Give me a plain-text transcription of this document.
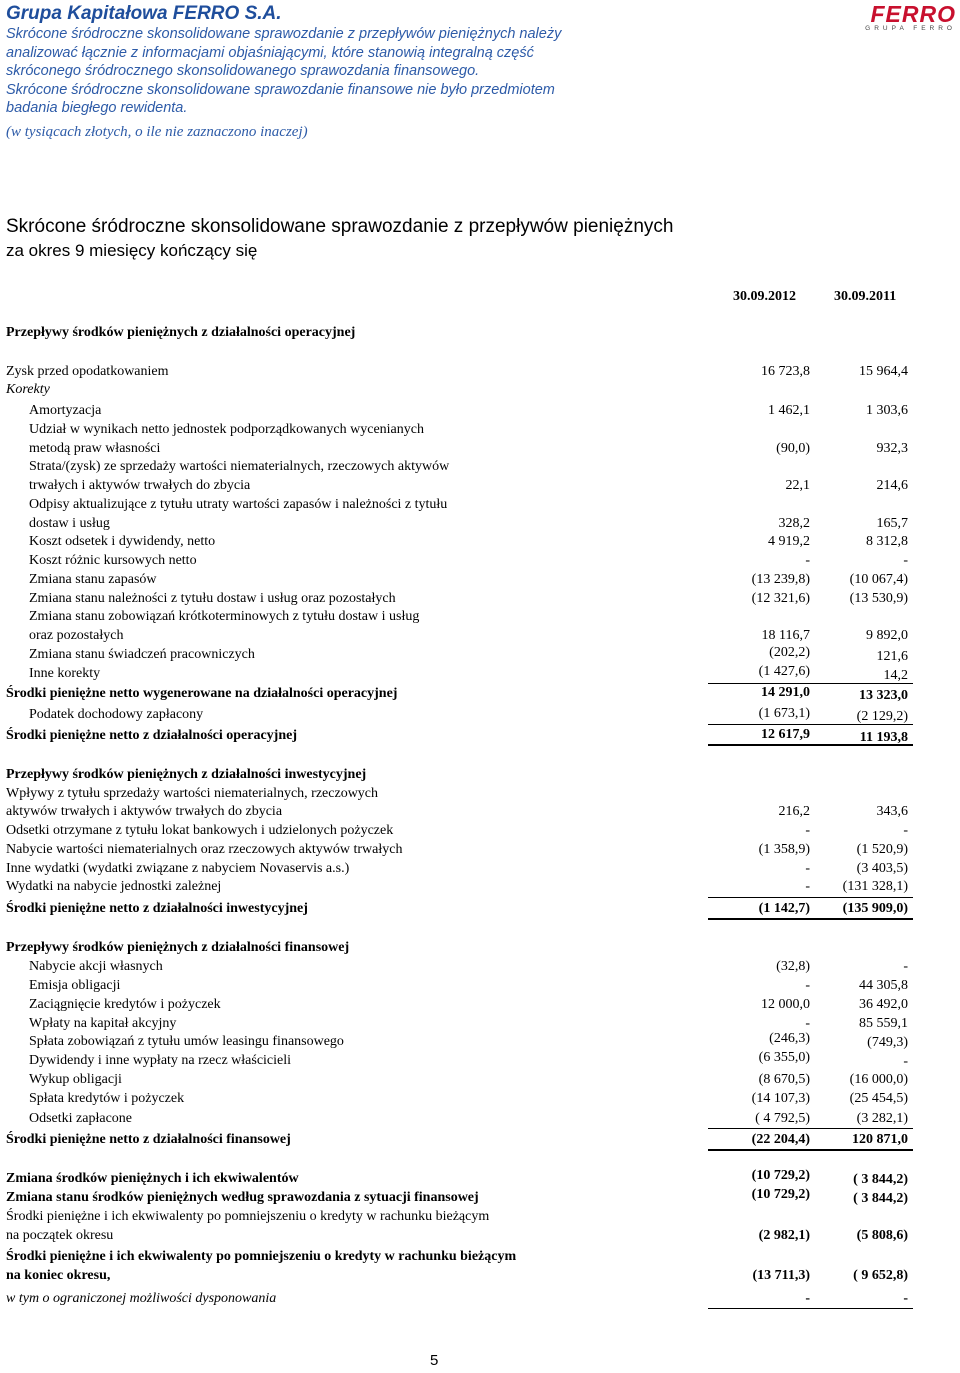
Grupa Kapitałowa FERRO S.A.
Skrócone śródroczne skonsolidowane sprawozdanie z przepływów pieniężnych należy
analizować łącznie z informacjami objaśniającymi, które stanowią integralną część
skróconego śródrocznego skonsolidowanego sprawozdania finansowego.
Skrócone śródroczne skonsolidowane sprawozdanie finansowe nie było przedmiotem
badania biegłego rewidenta.
(w tysiącach złotych, o ile nie zaznaczono inaczej)
FERRO
GRUPA FERRO
Skrócone śródroczne skonsolidowane sprawozdanie z przepływów pieniężnych
za okres 9 miesięcy kończący się
30.09.2012	30.09.2011
Przepływy środków pieniężnych z działalności operacyjnej
Zysk przed opodatkowaniem	16 723,8	15 964,4
Korekty
Amortyzacja	1 462,1	1 303,6
Udział w wynikach netto jednostek podporządkowanych wycenianych
metodą praw własności	(90,0)	932,3
Strata/(zysk) ze sprzedaży wartości niematerialnych, rzeczowych aktywów
trwałych i aktywów trwałych do zbycia	22,1	214,6
Odpisy aktualizujące z tytułu utraty wartości zapasów i należności z tytułu
dostaw i usług	328,2	165,7
Koszt odsetek i dywidendy, netto	4 919,2	8 312,8
Koszt różnic kursowych netto	-	-
Zmiana stanu zapasów	(13 239,8)	(10 067,4)
Zmiana stanu należności z tytułu dostaw i usług oraz pozostałych	(12 321,6)	(13 530,9)
Zmiana stanu zobowiązań krótkoterminowych z tytułu dostaw i usług
oraz pozostałych	18 116,7	9 892,0
Zmiana stanu świadczeń pracowniczych	(202,2)	121,6
Inne korekty	(1 427,6)	14,2
Środki pieniężne netto wygenerowane na działalności operacyjnej	14 291,0	13 323,0
Podatek dochodowy zapłacony	(1 673,1)	(2 129,2)
Środki pieniężne netto z działalności operacyjnej	12 617,9	11 193,8
Przepływy środków pieniężnych z działalności inwestycyjnej
Wpływy z tytułu sprzedaży wartości niematerialnych, rzeczowych
aktywów trwałych i aktywów trwałych do zbycia	216,2	343,6
Odsetki otrzymane z tytułu lokat bankowych i udzielonych pożyczek	-	-
Nabycie wartości niematerialnych oraz rzeczowych aktywów trwałych	(1 358,9)	(1 520,9)
Inne wydatki (wydatki związane z nabyciem Novaservis a.s.)	-	(3 403,5)
Wydatki na nabycie jednostki zależnej	-	(131 328,1)
Środki pieniężne netto z działalności inwestycyjnej	(1 142,7)	(135 909,0)
Przepływy środków pieniężnych z działalności finansowej
Nabycie akcji własnych	(32,8)	-
Emisja obligacji	-	44 305,8
Zaciągnięcie kredytów i pożyczek	12 000,0	36 492,0
Wpłaty na kapitał akcyjny	-	85 559,1
Spłata zobowiązań z tytułu umów leasingu finansowego	(246,3)	(749,3)
Dywidendy i inne wypłaty na rzecz właścicieli	(6 355,0)	-
Wykup obligacji	(8 670,5)	(16 000,0)
Spłata kredytów i pożyczek	(14 107,3)	(25 454,5)
Odsetki zapłacone	( 4 792,5)	(3 282,1)
Środki pieniężne netto z działalności finansowej	(22 204,4)	120 871,0
Zmiana środków pieniężnych i ich ekwiwalentów	(10 729,2)	( 3 844,2)
Zmiana stanu środków pieniężnych według sprawozdania z sytuacji finansowej	(10 729,2)	( 3 844,2)
Środki pieniężne i ich ekwiwalenty po pomniejszeniu o kredyty w rachunku bieżącym
na początek okresu	(2 982,1)	(5 808,6)
Środki pieniężne i ich ekwiwalenty po pomniejszeniu o kredyty w rachunku bieżącym
na koniec okresu,	(13 711,3)	( 9 652,8)
w tym o ograniczonej możliwości dysponowania	-	-
5
